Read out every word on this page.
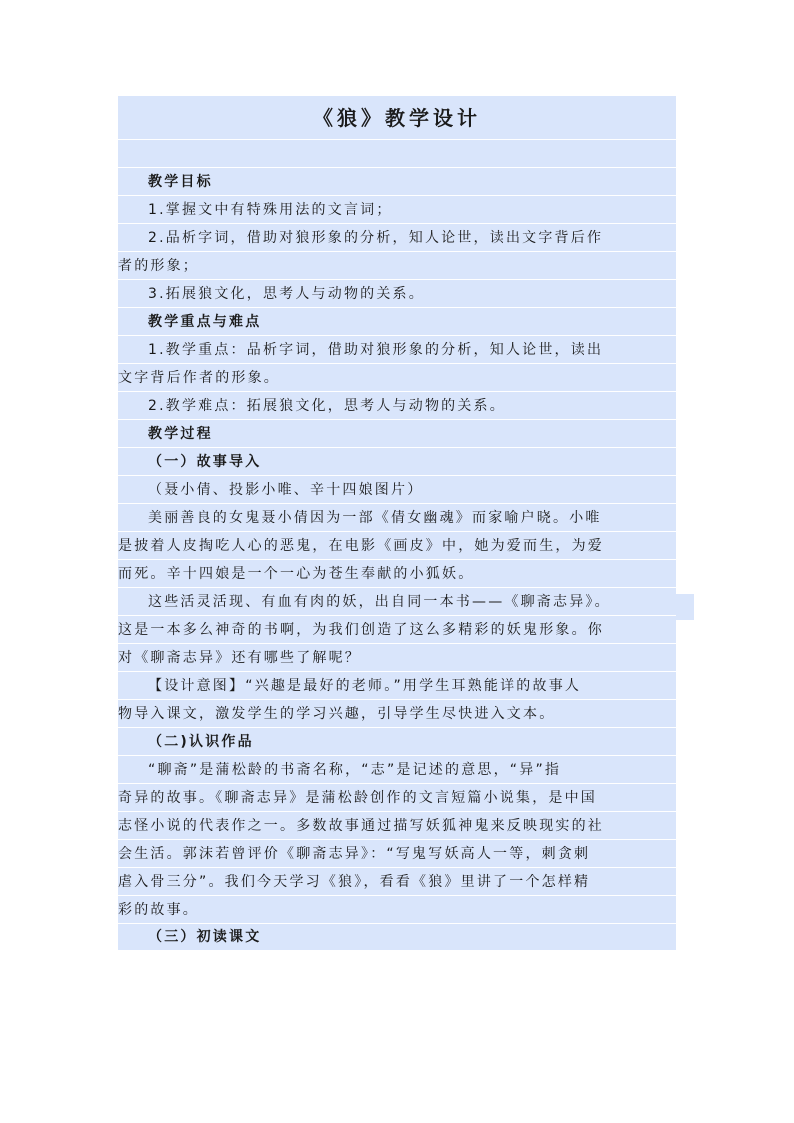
《狼》教学设计
教学目标
1.掌握文中有特殊用法的文言词；
2.品析字词，借助对狼形象的分析，知人论世，读出文字背后作
者的形象；
3.拓展狼文化，思考人与动物的关系。
教学重点与难点
1.教学重点：品析字词，借助对狼形象的分析，知人论世，读出
文字背后作者的形象。
2.教学难点：拓展狼文化，思考人与动物的关系。
教学过程
（一）故事导入
（聂小倩、投影小唯、辛十四娘图片）
美丽善良的女鬼聂小倩因为一部《倩女幽魂》而家喻户晓。小唯
是披着人皮掏吃人心的恶鬼，在电影《画皮》中，她为爱而生，为爱
而死。辛十四娘是一个一心为苍生奉献的小狐妖。
这些活灵活现、有血有肉的妖，出自同一本书——《聊斋志异》。
这是一本多么神奇的书啊，为我们创造了这么多精彩的妖鬼形象。你
对《聊斋志异》还有哪些了解呢？
【设计意图】“兴趣是最好的老师。”用学生耳熟能详的故事人
物导入课文，激发学生的学习兴趣，引导学生尽快进入文本。
（二)认识作品
“聊斋”是蒲松龄的书斋名称，“志”是记述的意思，“异”指
奇异的故事。《聊斋志异》是蒲松龄创作的文言短篇小说集，是中国
志怪小说的代表作之一。多数故事通过描写妖狐神鬼来反映现实的社
会生活。郭沫若曾评价《聊斋志异》：“写鬼写妖高人一等，刺贪刺
虐入骨三分”。我们今天学习《狼》，看看《狼》里讲了一个怎样精
彩的故事。
（三）初读课文
